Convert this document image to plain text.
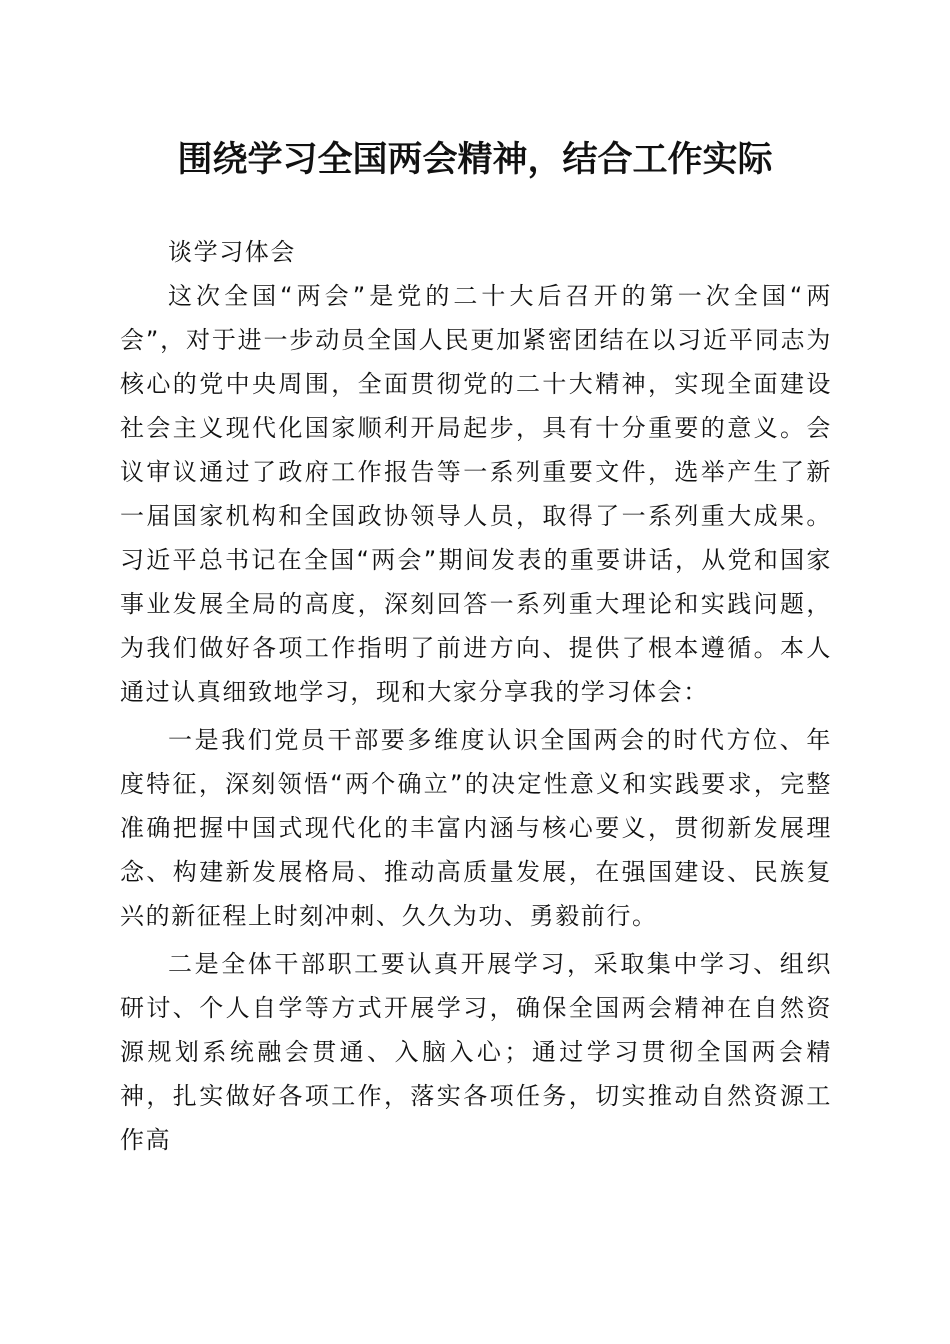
围绕学习全国两会精神，结合工作实际

谈学习体会

这次全国“两会”是党的二十大后召开的第一次全国“两会”，对于进一步动员全国人民更加紧密团结在以习近平同志为核心的党中央周围，全面贯彻党的二十大精神，实现全面建设社会主义现代化国家顺利开局起步，具有十分重要的意义。会议审议通过了政府工作报告等一系列重要文件，选举产生了新一届国家机构和全国政协领导人员，取得了一系列重大成果。习近平总书记在全国“两会”期间发表的重要讲话，从党和国家事业发展全局的高度，深刻回答一系列重大理论和实践问题，为我们做好各项工作指明了前进方向、提供了根本遵循。本人通过认真细致地学习，现和大家分享我的学习体会：

一是我们党员干部要多维度认识全国两会的时代方位、年度特征，深刻领悟“两个确立”的决定性意义和实践要求，完整准确把握中国式现代化的丰富内涵与核心要义，贯彻新发展理念、构建新发展格局、推动高质量发展，在强国建设、民族复兴的新征程上时刻冲刺、久久为功、勇毅前行。

二是全体干部职工要认真开展学习，采取集中学习、组织研讨、个人自学等方式开展学习，确保全国两会精神在自然资源规划系统融会贯通、入脑入心；通过学习贯彻全国两会精神，扎实做好各项工作，落实各项任务，切实推动自然资源工作高
